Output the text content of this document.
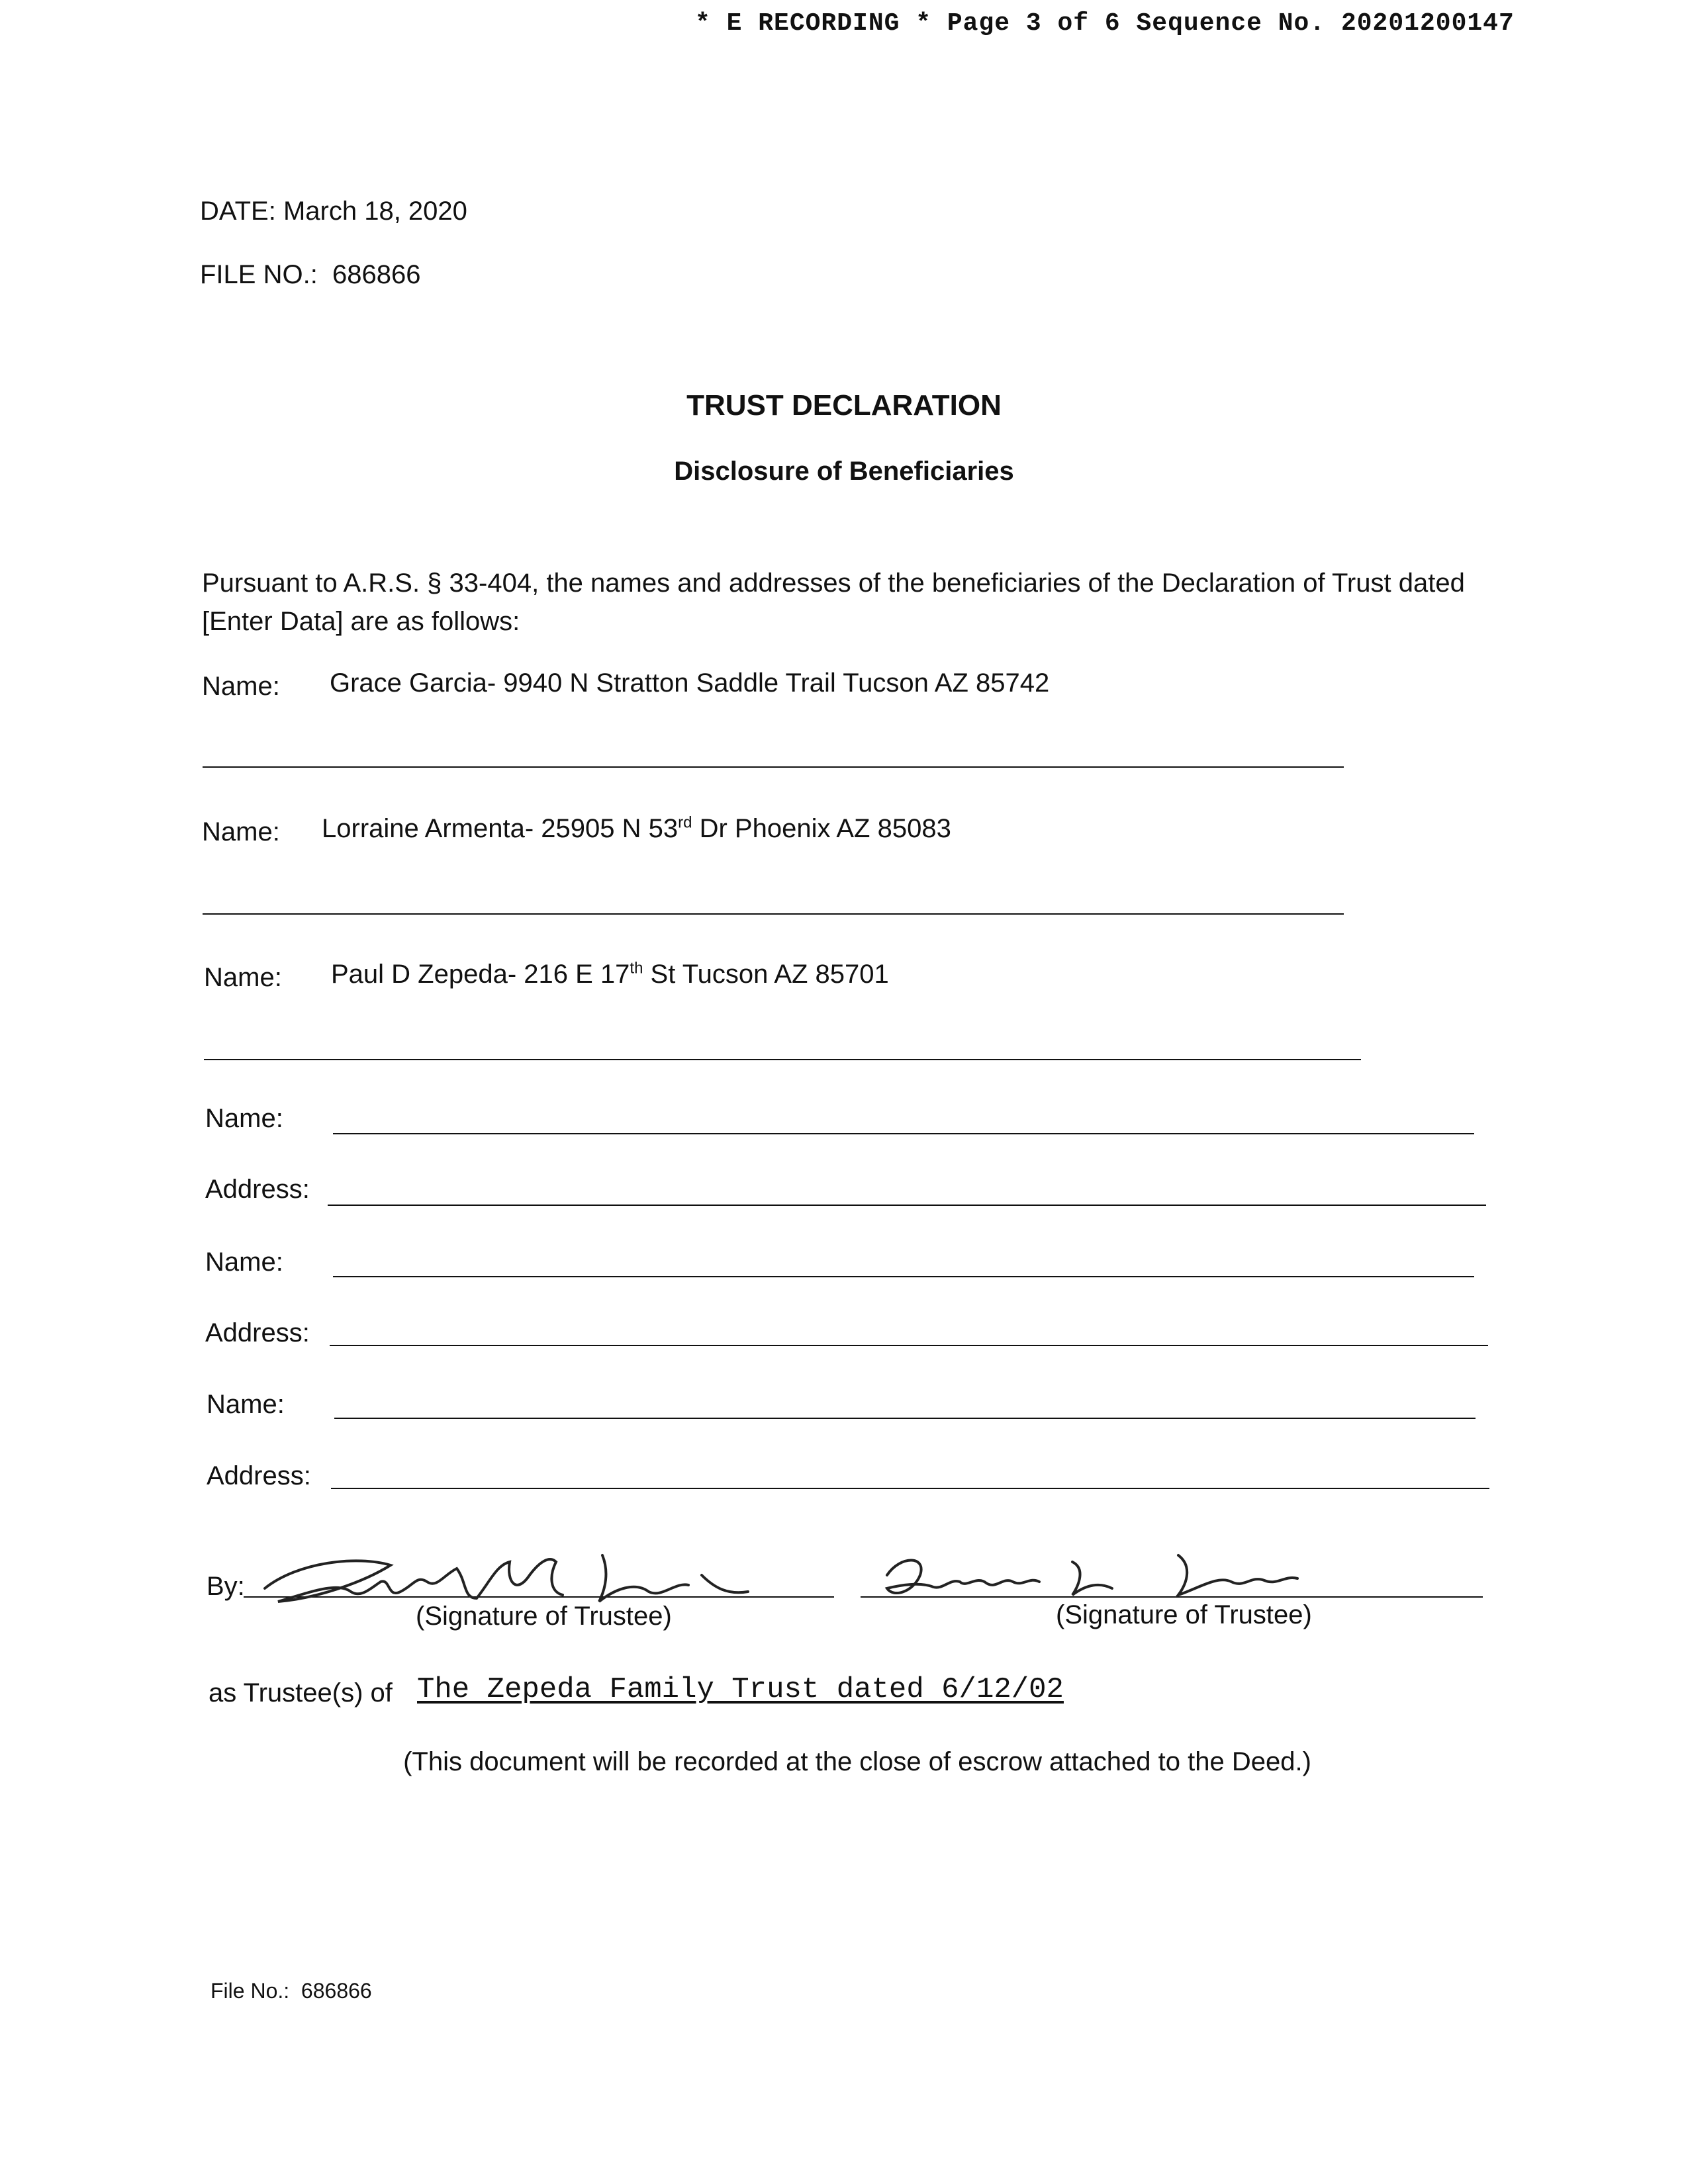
* E RECORDING * Page 3 of 6 Sequence No. 20201200147
DATE: March 18, 2020
FILE NO.: 686866
TRUST DECLARATION
Disclosure of Beneficiaries
Pursuant to A.R.S. § 33-404, the names and addresses of the beneficiaries of the Declaration of Trust dated [Enter Data] are as follows:
Name: Grace Garcia- 9940 N Stratton Saddle Trail Tucson AZ 85742
Name: Lorraine Armenta- 25905 N 53rd Dr Phoenix AZ 85083
Name: Paul D Zepeda- 216 E 17th St Tucson AZ 85701
Name:
Address:
Name:
Address:
Name:
Address:
By:
(Signature of Trustee)	(Signature of Trustee)
as Trustee(s) of The Zepeda Family Trust dated 6/12/02
(This document will be recorded at the close of escrow attached to the Deed.)
File No.: 686866
